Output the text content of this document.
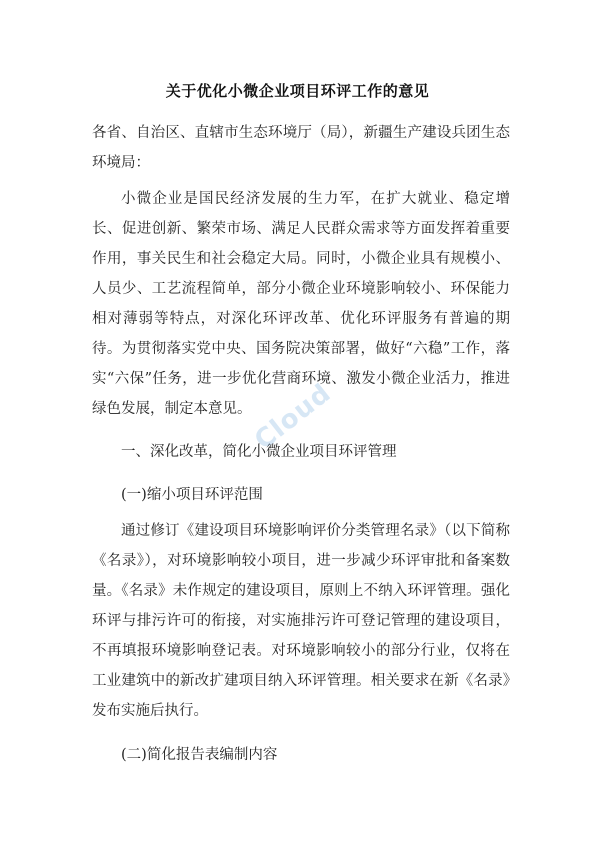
关于优化小微企业项目环评工作的意见
各省、自治区、直辖市生态环境厅（局），新疆生产建设兵团生态环境局：
小微企业是国民经济发展的生力军，在扩大就业、稳定增长、促进创新、繁荣市场、满足人民群众需求等方面发挥着重要作用，事关民生和社会稳定大局。同时，小微企业具有规模小、人员少、工艺流程简单，部分小微企业环境影响较小、环保能力相对薄弱等特点，对深化环评改革、优化环评服务有普遍的期待。为贯彻落实党中央、国务院决策部署，做好“六稳”工作，落实“六保”任务，进一步优化营商环境、激发小微企业活力，推进绿色发展，制定本意见。
一、深化改革，简化小微企业项目环评管理
(一)缩小项目环评范围
通过修订《建设项目环境影响评价分类管理名录》（以下简称《名录》），对环境影响较小项目，进一步减少环评审批和备案数量。《名录》未作规定的建设项目，原则上不纳入环评管理。强化环评与排污许可的衔接，对实施排污许可登记管理的建设项目，不再填报环境影响登记表。对环境影响较小的部分行业，仅将在工业建筑中的新改扩建项目纳入环评管理。相关要求在新《名录》发布实施后执行。
(二)简化报告表编制内容
Cloud
